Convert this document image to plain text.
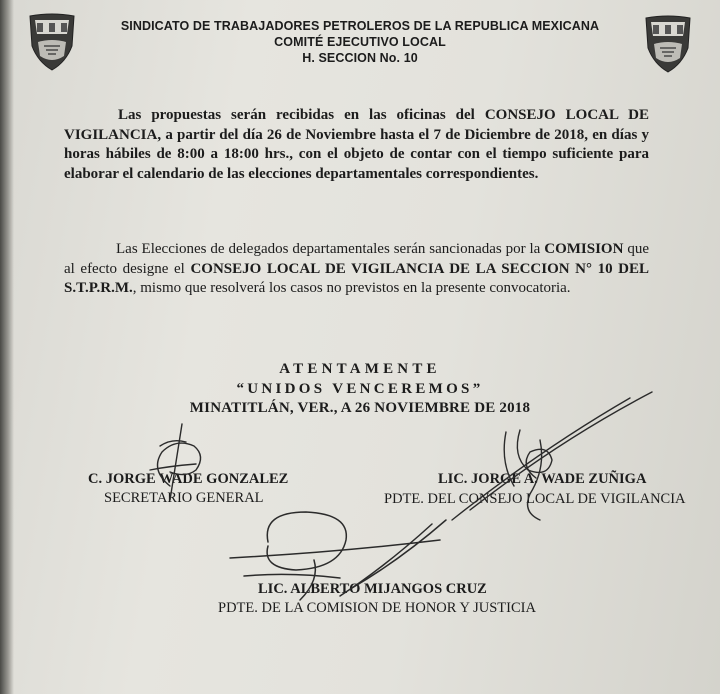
SINDICATO DE TRABAJADORES PETROLEROS DE LA REPUBLICA MEXICANA
COMITÉ EJECUTIVO LOCAL
H. SECCION No. 10
Las propuestas serán recibidas en las oficinas del CONSEJO LOCAL DE VIGILANCIA, a partir del día 26 de Noviembre hasta el 7 de Diciembre de 2018, en días y horas hábiles de 8:00 a 18:00 hrs., con el objeto de contar con el tiempo suficiente para elaborar el calendario de las elecciones departamentales correspondientes.
Las Elecciones de delegados departamentales serán sancionadas por la COMISION que al efecto designe el CONSEJO LOCAL DE VIGILANCIA DE LA SECCION N° 10 DEL S.T.P.R.M., mismo que resolverá los casos no previstos en la presente convocatoria.
ATENTAMENTE
“UNIDOS VENCEREMOS”
MINATITLÁN, VER., A 26 NOVIEMBRE DE 2018
C. JORGE WADE GONZALEZ
SECRETARIO GENERAL
LIC. JORGE A. WADE ZUÑIGA
PDTE. DEL CONSEJO LOCAL DE VIGILANCIA
LIC. ALBERTO MIJANGOS CRUZ
PDTE. DE LA COMISION DE HONOR Y JUSTICIA
